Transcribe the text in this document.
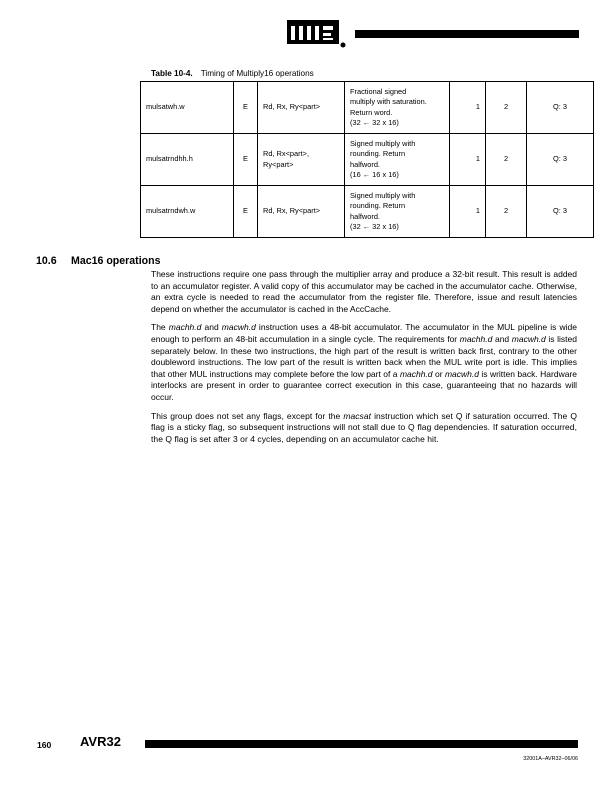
Table 10-4. Timing of Multiply16 operations
mulsatwh.w	E	Rd, Rx, Ry<part>	Fractional signed
multiply with saturation.
Return word.
(32 ← 32 x 16)	1	2	Q: 3
mulsatrndhh.h	E	Rd, Rx<part>, Ry<part>	Signed multiply with
rounding. Return
halfword.
(16 ← 16 x 16)	1	2	Q: 3
mulsatrndwh.w	E	Rd, Rx, Ry<part>	Signed multiply with
rounding. Return
halfword.
(32 ← 32 x 16)	1	2	Q: 3
10.6 Mac16 operations

These instructions require one pass through the multiplier array and produce a 32-bit result. This result is added to an accumulator register. A valid copy of this accumulator may be cached in the accumulator cache. Otherwise, an extra cycle is needed to read the accumulator from the register file. Therefore, issue and result latencies depend on whether the accumulator is cached in the AccCache.

The machh.d and macwh.d instruction uses a 48-bit accumulator. The accumulator in the MUL pipeline is wide enough to perform an 48-bit accumulation in a single cycle. The requirements for machh.d and macwh.d is listed separately below. In these two instructions, the high part of the result is written back first, contrary to the other doubleword instructions. The low part of the result is written back when the MUL write port is idle. This implies that other MUL instructions may complete before the low part of a machh.d or macwh.d is written back. Hardware interlocks are present in order to guarantee correct execution in this case, guaranteeing that no hazards will occur.

This group does not set any flags, except for the macsat instruction which set Q if saturation occurred. The Q flag is a sticky flag, so subsequent instructions will not stall due to Q flag dependencies. If saturation occurred, the Q flag is set after 3 or 4 cycles, depending on an accumulator cache hit.

160 AVR32
32001A–AVR32–06/06
